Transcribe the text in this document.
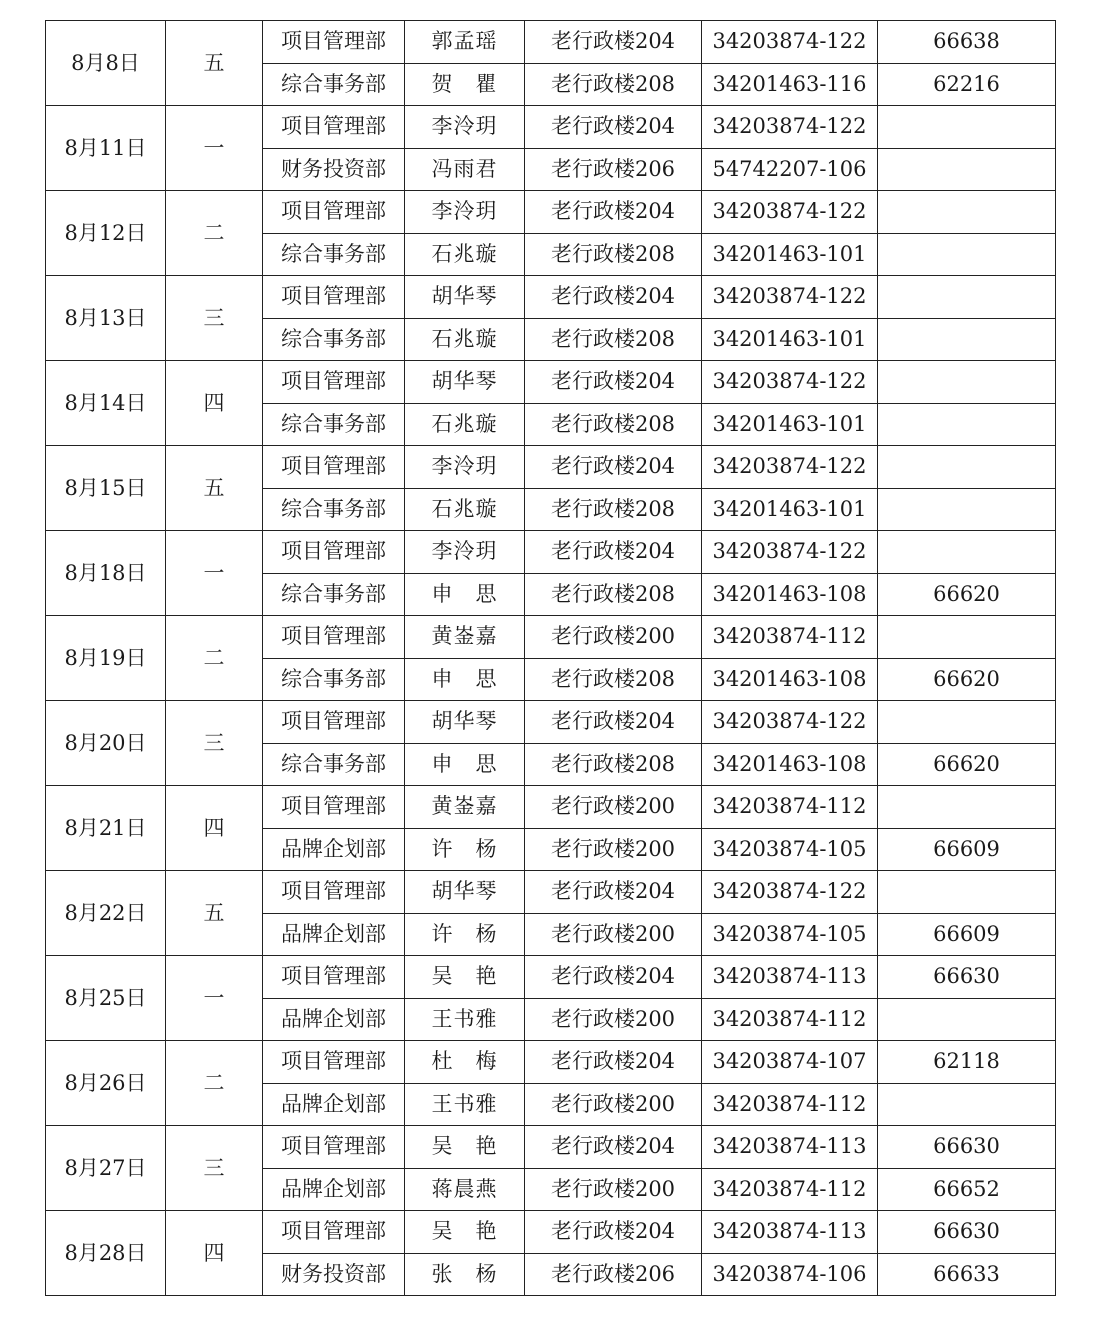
8月8日	五	项目管理部	郭孟瑶	老行政楼204	34203874-122	66638
		综合事务部	贺　瞿	老行政楼208	34201463-116	62216
8月11日	一	项目管理部	李泠玥	老行政楼204	34203874-122	
		财务投资部	冯雨君	老行政楼206	54742207-106	
8月12日	二	项目管理部	李泠玥	老行政楼204	34203874-122	
		综合事务部	石兆璇	老行政楼208	34201463-101	
8月13日	三	项目管理部	胡华琴	老行政楼204	34203874-122	
		综合事务部	石兆璇	老行政楼208	34201463-101	
8月14日	四	项目管理部	胡华琴	老行政楼204	34203874-122	
		综合事务部	石兆璇	老行政楼208	34201463-101	
8月15日	五	项目管理部	李泠玥	老行政楼204	34203874-122	
		综合事务部	石兆璇	老行政楼208	34201463-101	
8月18日	一	项目管理部	李泠玥	老行政楼204	34203874-122	
		综合事务部	申　思	老行政楼208	34201463-108	66620
8月19日	二	项目管理部	黄崟嘉	老行政楼200	34203874-112	
		综合事务部	申　思	老行政楼208	34201463-108	66620
8月20日	三	项目管理部	胡华琴	老行政楼204	34203874-122	
		综合事务部	申　思	老行政楼208	34201463-108	66620
8月21日	四	项目管理部	黄崟嘉	老行政楼200	34203874-112	
		品牌企划部	许　杨	老行政楼200	34203874-105	66609
8月22日	五	项目管理部	胡华琴	老行政楼204	34203874-122	
		品牌企划部	许　杨	老行政楼200	34203874-105	66609
8月25日	一	项目管理部	吴　艳	老行政楼204	34203874-113	66630
		品牌企划部	王书雅	老行政楼200	34203874-112	
8月26日	二	项目管理部	杜　梅	老行政楼204	34203874-107	62118
		品牌企划部	王书雅	老行政楼200	34203874-112	
8月27日	三	项目管理部	吴　艳	老行政楼204	34203874-113	66630
		品牌企划部	蒋晨燕	老行政楼200	34203874-112	66652
8月28日	四	项目管理部	吴　艳	老行政楼204	34203874-113	66630
		财务投资部	张　杨	老行政楼206	34203874-106	66633
